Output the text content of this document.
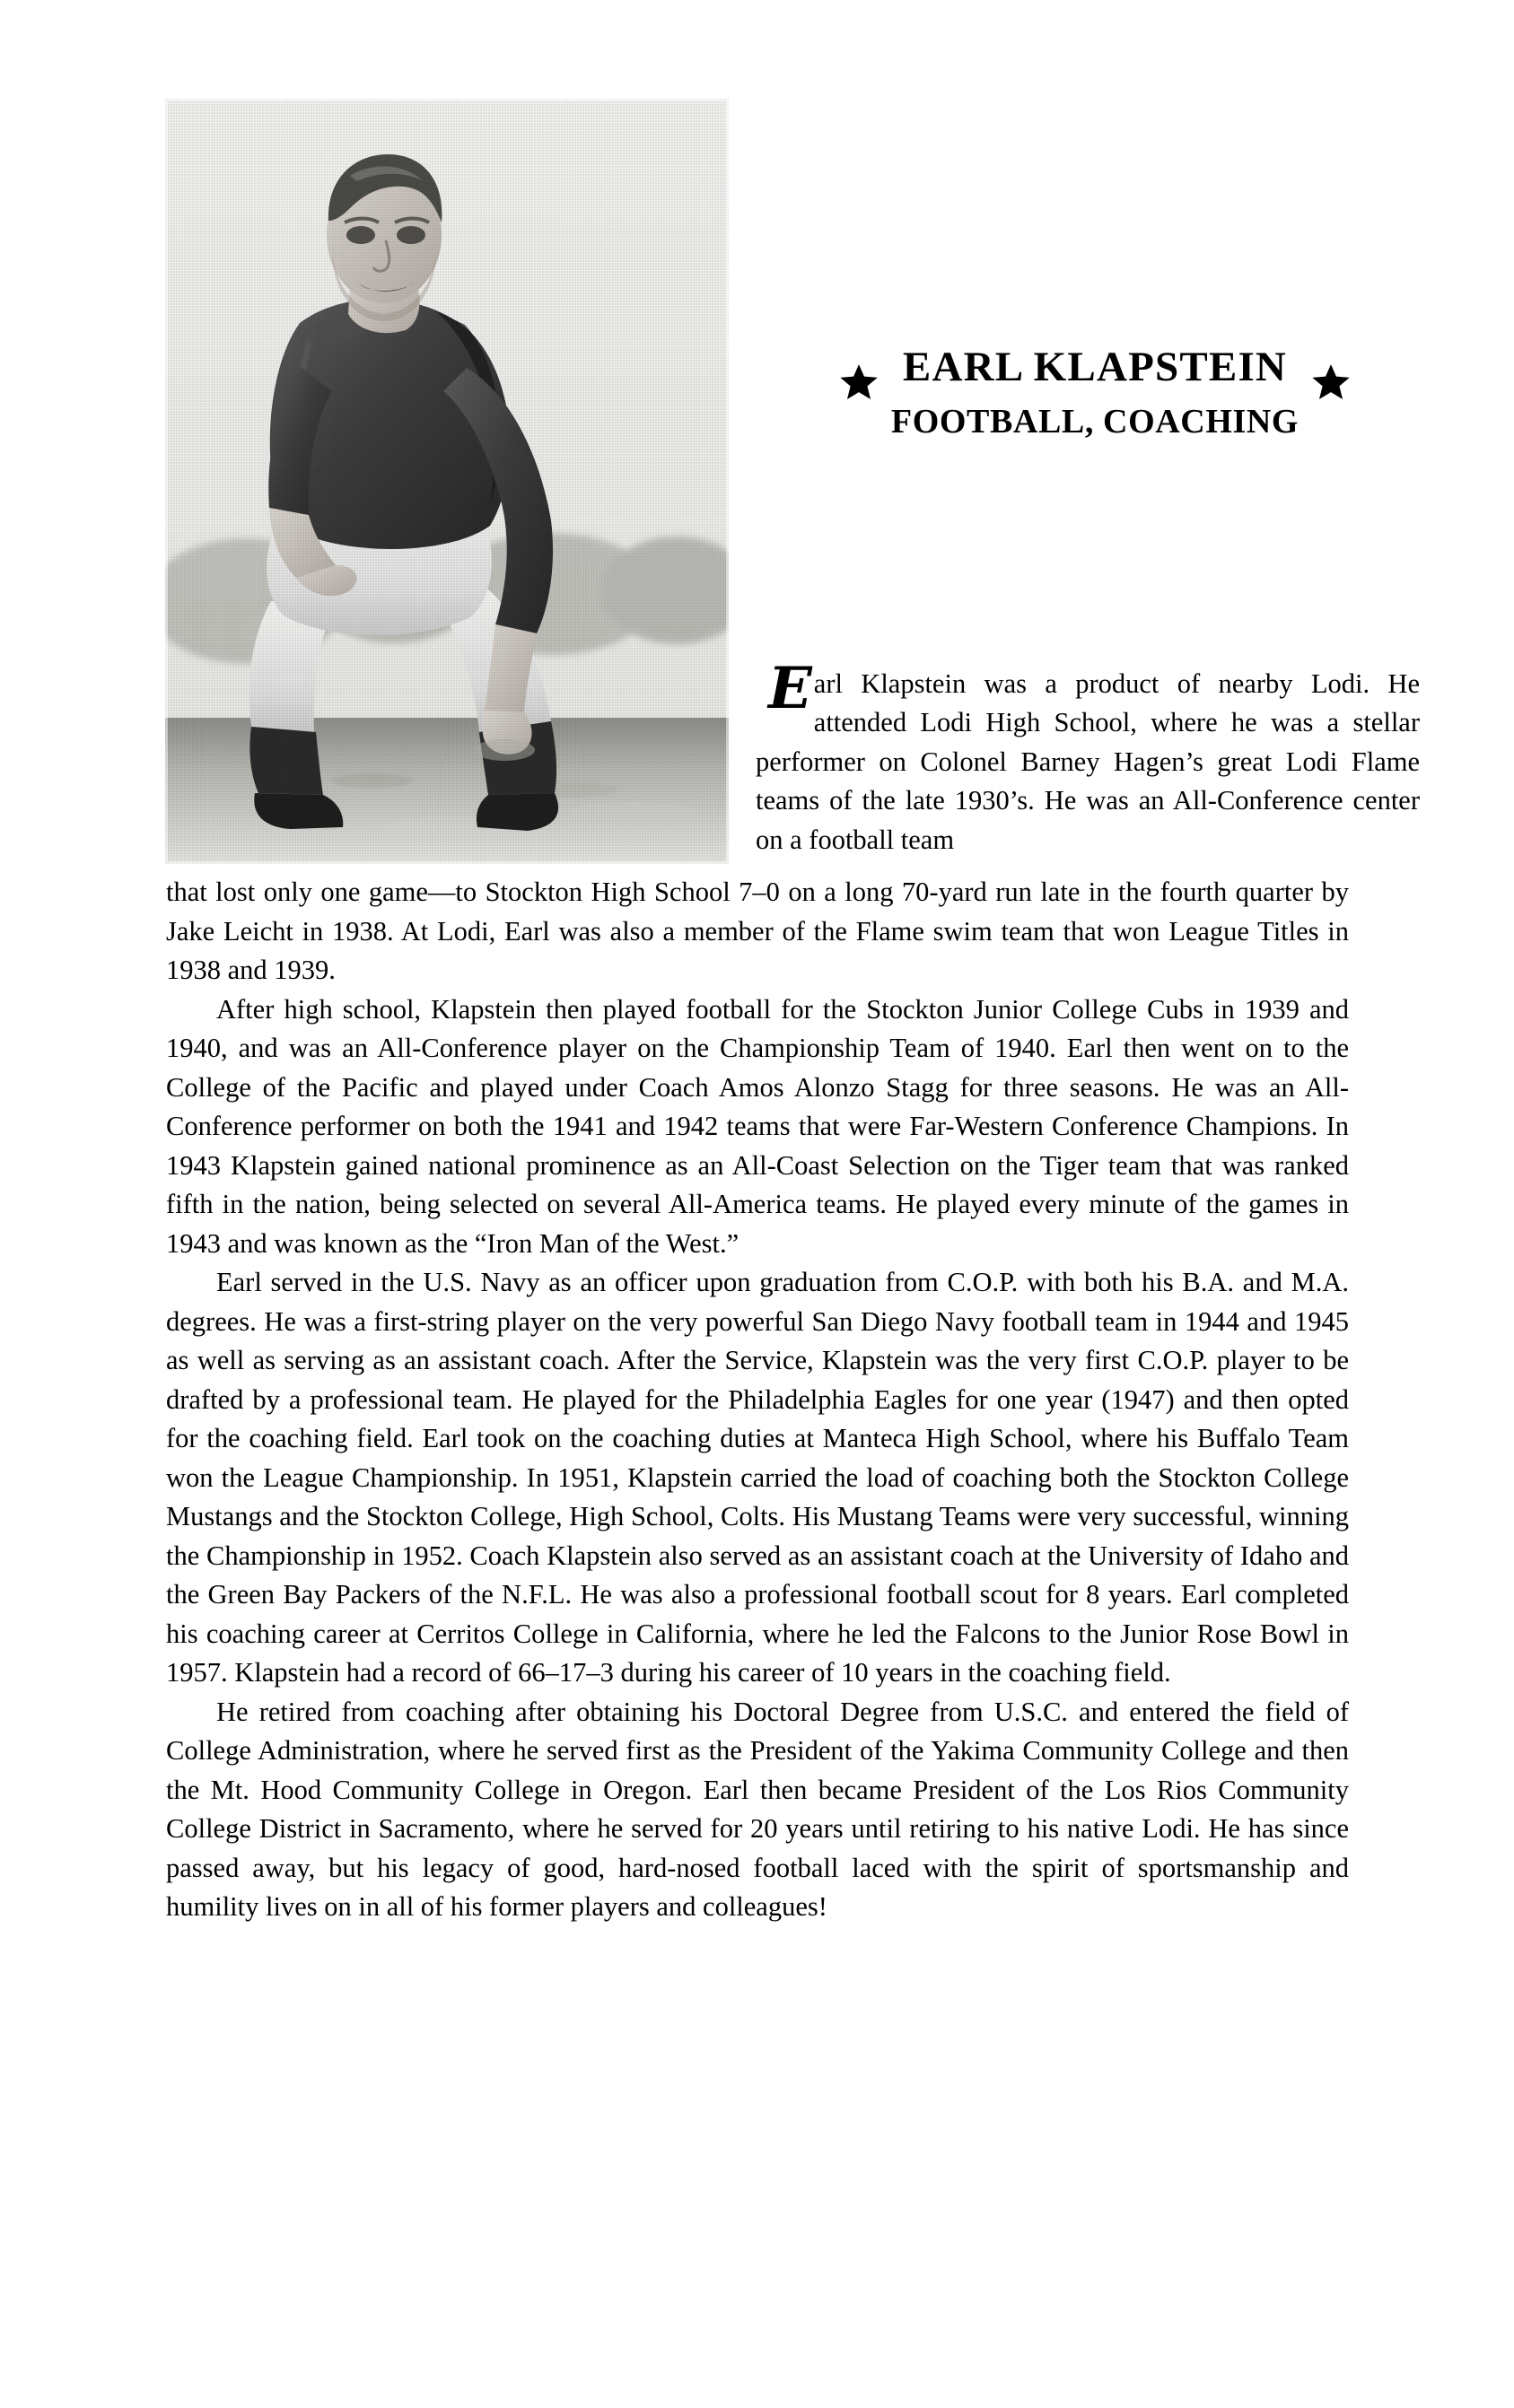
EARL KLAPSTEIN
FOOTBALL, COACHING

Earl Klapstein was a product of nearby Lodi. He attended Lodi High School, where he was a stellar performer on Colonel Barney Hagen’s great Lodi Flame teams of the late 1930’s. He was an All-Conference center on a football team

that lost only one game—to Stockton High School 7–0 on a long 70-yard run late in the fourth quarter by Jake Leicht in 1938. At Lodi, Earl was also a member of the Flame swim team that won League Titles in 1938 and 1939.

After high school, Klapstein then played football for the Stockton Junior College Cubs in 1939 and 1940, and was an All-Conference player on the Championship Team of 1940. Earl then went on to the College of the Pacific and played under Coach Amos Alonzo Stagg for three seasons. He was an All-Conference performer on both the 1941 and 1942 teams that were Far-Western Conference Champions. In 1943 Klapstein gained national prominence as an All-Coast Selection on the Tiger team that was ranked fifth in the nation, being selected on several All-America teams. He played every minute of the games in 1943 and was known as the “Iron Man of the West.”

Earl served in the U.S. Navy as an officer upon graduation from C.O.P. with both his B.A. and M.A. degrees. He was a first-string player on the very powerful San Diego Navy football team in 1944 and 1945 as well as serving as an assistant coach. After the Service, Klapstein was the very first C.O.P. player to be drafted by a professional team. He played for the Philadelphia Eagles for one year (1947) and then opted for the coaching field. Earl took on the coaching duties at Manteca High School, where his Buffalo Team won the League Championship. In 1951, Klapstein carried the load of coaching both the Stockton College Mustangs and the Stockton College, High School, Colts. His Mustang Teams were very successful, winning the Championship in 1952. Coach Klapstein also served as an assistant coach at the University of Idaho and the Green Bay Packers of the N.F.L. He was also a professional football scout for 8 years. Earl completed his coaching career at Cerritos College in California, where he led the Falcons to the Junior Rose Bowl in 1957. Klapstein had a record of 66–17–3 during his career of 10 years in the coaching field.

He retired from coaching after obtaining his Doctoral Degree from U.S.C. and entered the field of College Administration, where he served first as the President of the Yakima Community College and then the Mt. Hood Community College in Oregon. Earl then became President of the Los Rios Community College District in Sacramento, where he served for 20 years until retiring to his native Lodi. He has since passed away, but his legacy of good, hard-nosed football laced with the spirit of sportsmanship and humility lives on in all of his former players and colleagues!
